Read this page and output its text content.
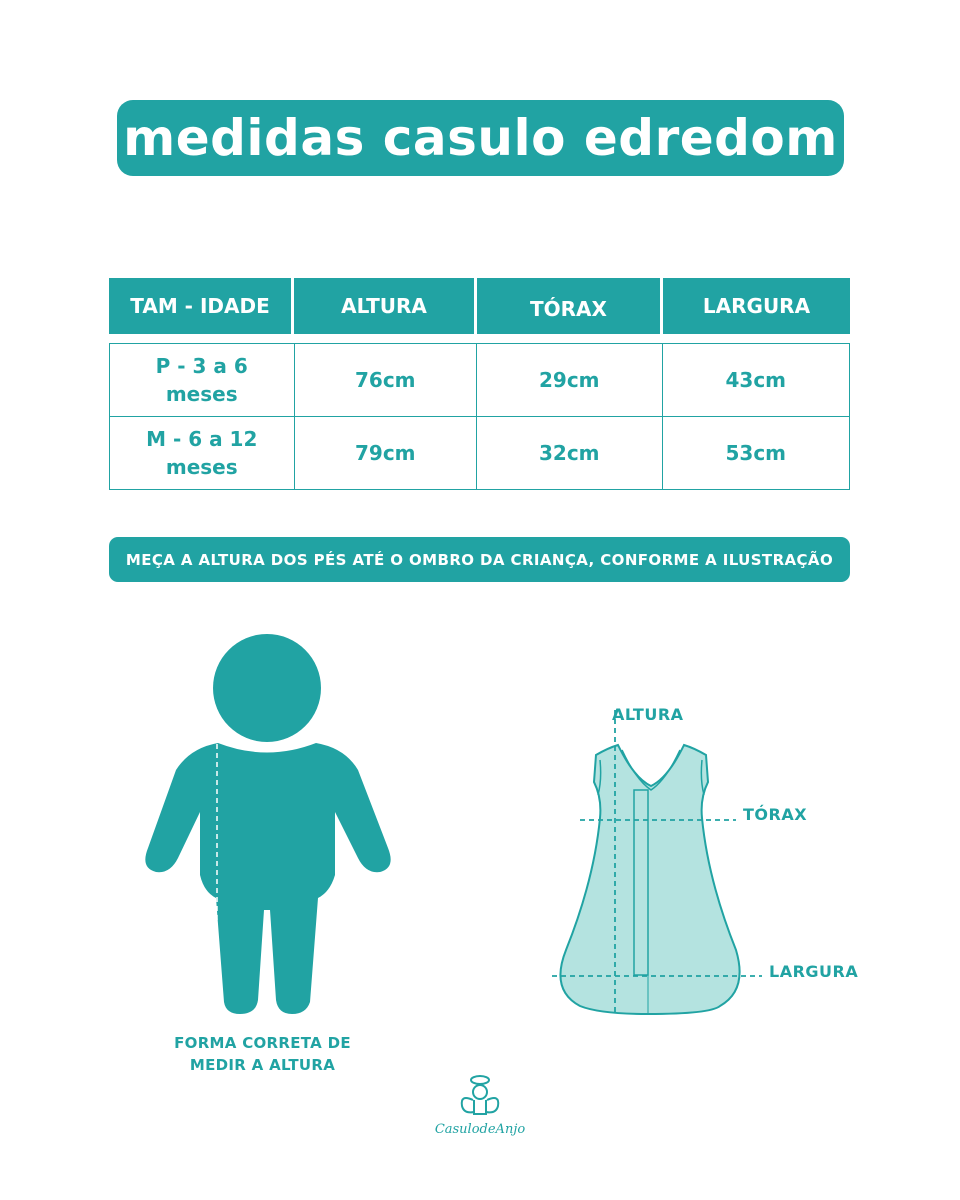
medidas casulo edredom
TAM - IDADE	ALTURA	TÓRAX	LARGURA
P - 3 a 6
meses
76cm	29cm	43cm
M - 6 a 12
meses
79cm	32cm	53cm
MEÇA A ALTURA DOS PÉS ATÉ O OMBRO DA CRIANÇA, CONFORME A ILUSTRAÇÃO
FORMA CORRETA DE
MEDIR A ALTURA
ALTURA
TÓRAX
LARGURA
CasulodeAnjo
